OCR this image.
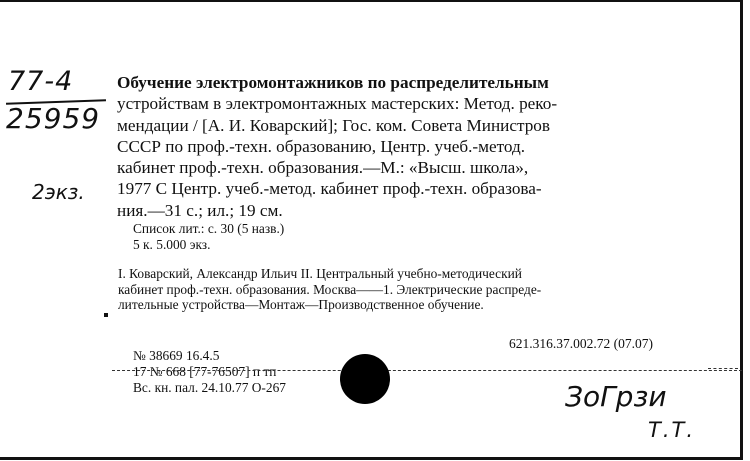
77-4
25959
2экз.
Обучение электромонтажников по распределительным
устройствам в электромонтажных мастерских: Метод. реко-
мендации / [А. И. Коварский]; Гос. ком. Совета Министров
СССР по проф.-техн. образованию, Центр. учеб.-метод.
кабинет проф.-техн. образования.—М.: «Высш. школа»,
1977 С Центр. учеб.-метод. кабинет проф.-техн. образова-
ния.—31 с.; ил.; 19 см.
Список лит.: с. 30 (5 назв.)
5 к. 5.000 экз.
I. Коварский, Александр Ильич II. Центральный учебно-методический
кабинет проф.-техн. образования. Москва——1. Электрические распреде-
лительные устройства—Монтаж—Производственное обучение.
621.316.37.002.72 (07.07)
№ 38669 16.4.5
17 № 668 [77-76507] п тп
Вс. кн. пал. 24.10.77 О-267	ЗоГрзи
Т.Т.
